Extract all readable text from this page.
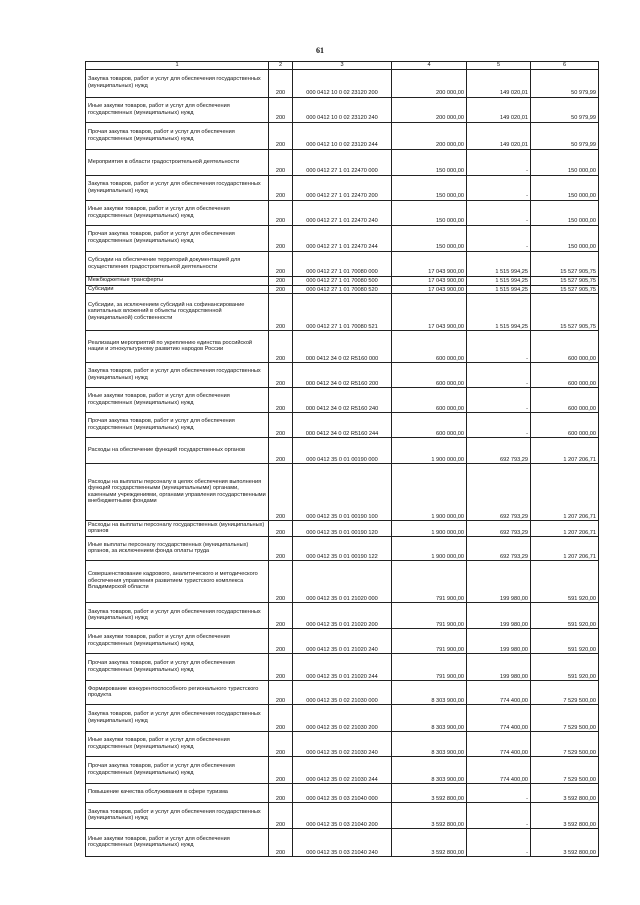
61
1	2	3	4	5	6
Закупка товаров, работ и услуг для обеспечения государственных (муниципальных) нужд	200	000 0412 10 0 02 23120 200	200 000,00	149 020,01	50 979,99
Иные закупки товаров, работ и услуг для обеспечения государственных (муниципальных) нужд	200	000 0412 10 0 02 23120 240	200 000,00	149 020,01	50 979,99
Прочая закупка товаров, работ и услуг для обеспечения государственных (муниципальных) нужд	200	000 0412 10 0 02 23120 244	200 000,00	149 020,01	50 979,99
Мероприятия в области градостроительной деятельности	200	000 0412 27 1 01 22470 000	150 000,00	-	150 000,00
Закупка товаров, работ и услуг для обеспечения государственных (муниципальных) нужд	200	000 0412 27 1 01 22470 200	150 000,00	-	150 000,00
Иные закупки товаров, работ и услуг для обеспечения государственных (муниципальных) нужд	200	000 0412 27 1 01 22470 240	150 000,00	-	150 000,00
Прочая закупка товаров, работ и услуг для обеспечения государственных (муниципальных) нужд	200	000 0412 27 1 01 22470 244	150 000,00	-	150 000,00
Субсидии на обеспечение территорий документацией для осуществления градостроительной деятельности	200	000 0412 27 1 01 70080 000	17 043 900,00	1 515 994,25	15 527 905,75
Межбюджетные трансферты	200	000 0412 27 1 01 70080 500	17 043 900,00	1 515 994,25	15 527 905,75
Субсидии	200	000 0412 27 1 01 70080 520	17 043 900,00	1 515 994,25	15 527 905,75
Субсидии, за исключением субсидий на софинансирование капитальных вложений в объекты государственной (муниципальной) собственности	200	000 0412 27 1 01 70080 521	17 043 900,00	1 515 994,25	15 527 905,75
Реализация мероприятий по укреплению единства российской нации и этнокультурному развитию народов России	200	000 0412 34 0 02 R5160 000	600 000,00	-	600 000,00
Закупка товаров, работ и услуг для обеспечения государственных (муниципальных) нужд	200	000 0412 34 0 02 R5160 200	600 000,00	-	600 000,00
Иные закупки товаров, работ и услуг для обеспечения государственных (муниципальных) нужд	200	000 0412 34 0 02 R5160 240	600 000,00	-	600 000,00
Прочая закупка товаров, работ и услуг для обеспечения государственных (муниципальных) нужд	200	000 0412 34 0 02 R5160 244	600 000,00	-	600 000,00
Расходы на обеспечение функций государственных органов	200	000 0412 35 0 01 00190 000	1 900 000,00	692 793,29	1 207 206,71
Расходы на выплаты персоналу в целях обеспечения выполнения функций государственными (муниципальными) органами, казенными учреждениями, органами управления государственными внебюджетными фондами	200	000 0412 35 0 01 00190 100	1 900 000,00	692 793,29	1 207 206,71
Расходы на выплаты персоналу государственных (муниципальных) органов	200	000 0412 35 0 01 00190 120	1 900 000,00	692 793,29	1 207 206,71
Иные выплаты персоналу государственных (муниципальных) органов, за исключением фонда оплаты труда	200	000 0412 35 0 01 00190 122	1 900 000,00	692 793,29	1 207 206,71
Совершенствование кадрового, аналитического и методического обеспечения управления развитием туристского комплекса Владимирской области	200	000 0412 35 0 01 21020 000	791 900,00	199 980,00	591 920,00
Закупка товаров, работ и услуг для обеспечения государственных (муниципальных) нужд	200	000 0412 35 0 01 21020 200	791 900,00	199 980,00	591 920,00
Иные закупки товаров, работ и услуг для обеспечения государственных (муниципальных) нужд	200	000 0412 35 0 01 21020 240	791 900,00	199 980,00	591 920,00
Прочая закупка товаров, работ и услуг для обеспечения государственных (муниципальных) нужд	200	000 0412 35 0 01 21020 244	791 900,00	199 980,00	591 920,00
Формирование конкурентоспособного регионального туристского продукта	200	000 0412 35 0 02 21030 000	8 303 900,00	774 400,00	7 529 500,00
Закупка товаров, работ и услуг для обеспечения государственных (муниципальных) нужд	200	000 0412 35 0 02 21030 200	8 303 900,00	774 400,00	7 529 500,00
Иные закупки товаров, работ и услуг для обеспечения государственных (муниципальных) нужд	200	000 0412 35 0 02 21030 240	8 303 900,00	774 400,00	7 529 500,00
Прочая закупка товаров, работ и услуг для обеспечения государственных (муниципальных) нужд	200	000 0412 35 0 02 21030 244	8 303 900,00	774 400,00	7 529 500,00
Повышение качества обслуживания в сфере туризма	200	000 0412 35 0 03 21040 000	3 592 800,00	-	3 592 800,00
Закупка товаров, работ и услуг для обеспечения государственных (муниципальных) нужд	200	000 0412 35 0 03 21040 200	3 592 800,00	-	3 592 800,00
Иные закупки товаров, работ и услуг для обеспечения государственных (муниципальных) нужд	200	000 0412 35 0 03 21040 240	3 592 800,00	-	3 592 800,00
